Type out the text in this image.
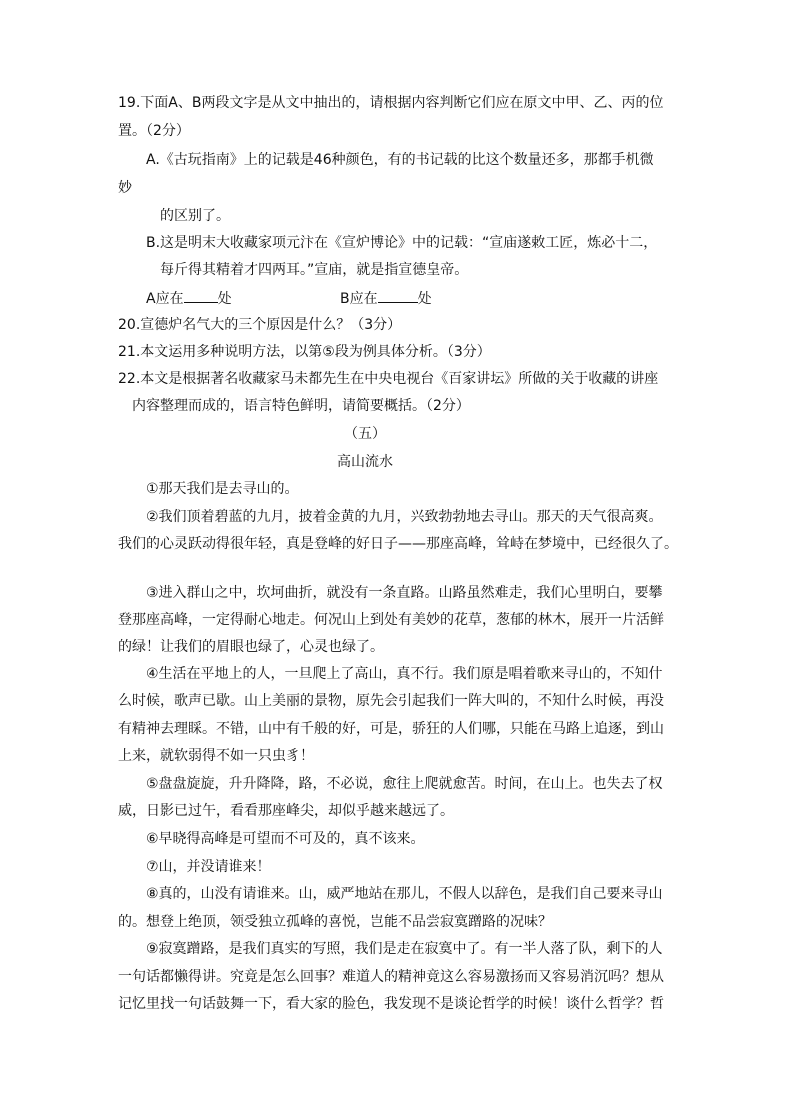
19.下面A、B两段文字是从文中抽出的，请根据内容判断它们应在原文中甲、乙、丙的位
置。（2分）
A.《古玩指南》上的记载是46种颜色，有的书记载的比这个数量还多，那都手机微
妙
的区别了。
B.这是明末大收藏家项元汴在《宣炉博论》中的记载：“宣庙遂敕工匠，炼必十二，
每斤得其精着才四两耳。”宣庙，就是指宣德皇帝。
A应在 处	B应在	处
20.宣德炉名气大的三个原因是什么？（3分）
21.本文运用多种说明方法，以第⑤段为例具体分析。（3分）
22.本文是根据著名收藏家马未都先生在中央电视台《百家讲坛》所做的关于收藏的讲座
内容整理而成的，语言特色鲜明，请简要概括。（2分）
（五）
高山流水
①那天我们是去寻山的。
②我们顶着碧蓝的九月，披着金黄的九月，兴致勃勃地去寻山。那天的天气很高爽。
我们的心灵跃动得很年轻，真是登峰的好日子——那座高峰，耸峙在梦境中，已经很久了。
③进入群山之中，坎坷曲折，就没有一条直路。山路虽然难走，我们心里明白，要攀
登那座高峰，一定得耐心地走。何况山上到处有美妙的花草，葱郁的林木，展开一片活鲜
的绿！让我们的眉眼也绿了，心灵也绿了。
④生活在平地上的人，一旦爬上了高山，真不行。我们原是唱着歌来寻山的，不知什
么时候，歌声已歇。山上美丽的景物，原先会引起我们一阵大叫的，不知什么时候，再没
有精神去理睬。不错，山中有千般的好，可是，骄狂的人们哪，只能在马路上追逐，到山
上来，就软弱得不如一只虫豸！
⑤盘盘旋旋，升升降降，路，不必说，愈往上爬就愈苦。时间，在山上。也失去了权
威，日影已过午，看看那座峰尖，却似乎越来越远了。
⑥早晓得高峰是可望而不可及的，真不该来。
⑦山，并没请谁来！
⑧真的，山没有请谁来。山，威严地站在那儿，不假人以辞色，是我们自己要来寻山
的。想登上绝顶，领受独立孤峰的喜悦，岂能不品尝寂寞蹭路的况味？
⑨寂寞蹭路，是我们真实的写照，我们是走在寂寞中了。有一半人落了队，剩下的人
一句话都懒得讲。究竟是怎么回事？难道人的精神竟这么容易激扬而又容易消沉吗？想从
记忆里找一句话鼓舞一下，看大家的脸色，我发现不是谈论哲学的时候！谈什么哲学？哲
